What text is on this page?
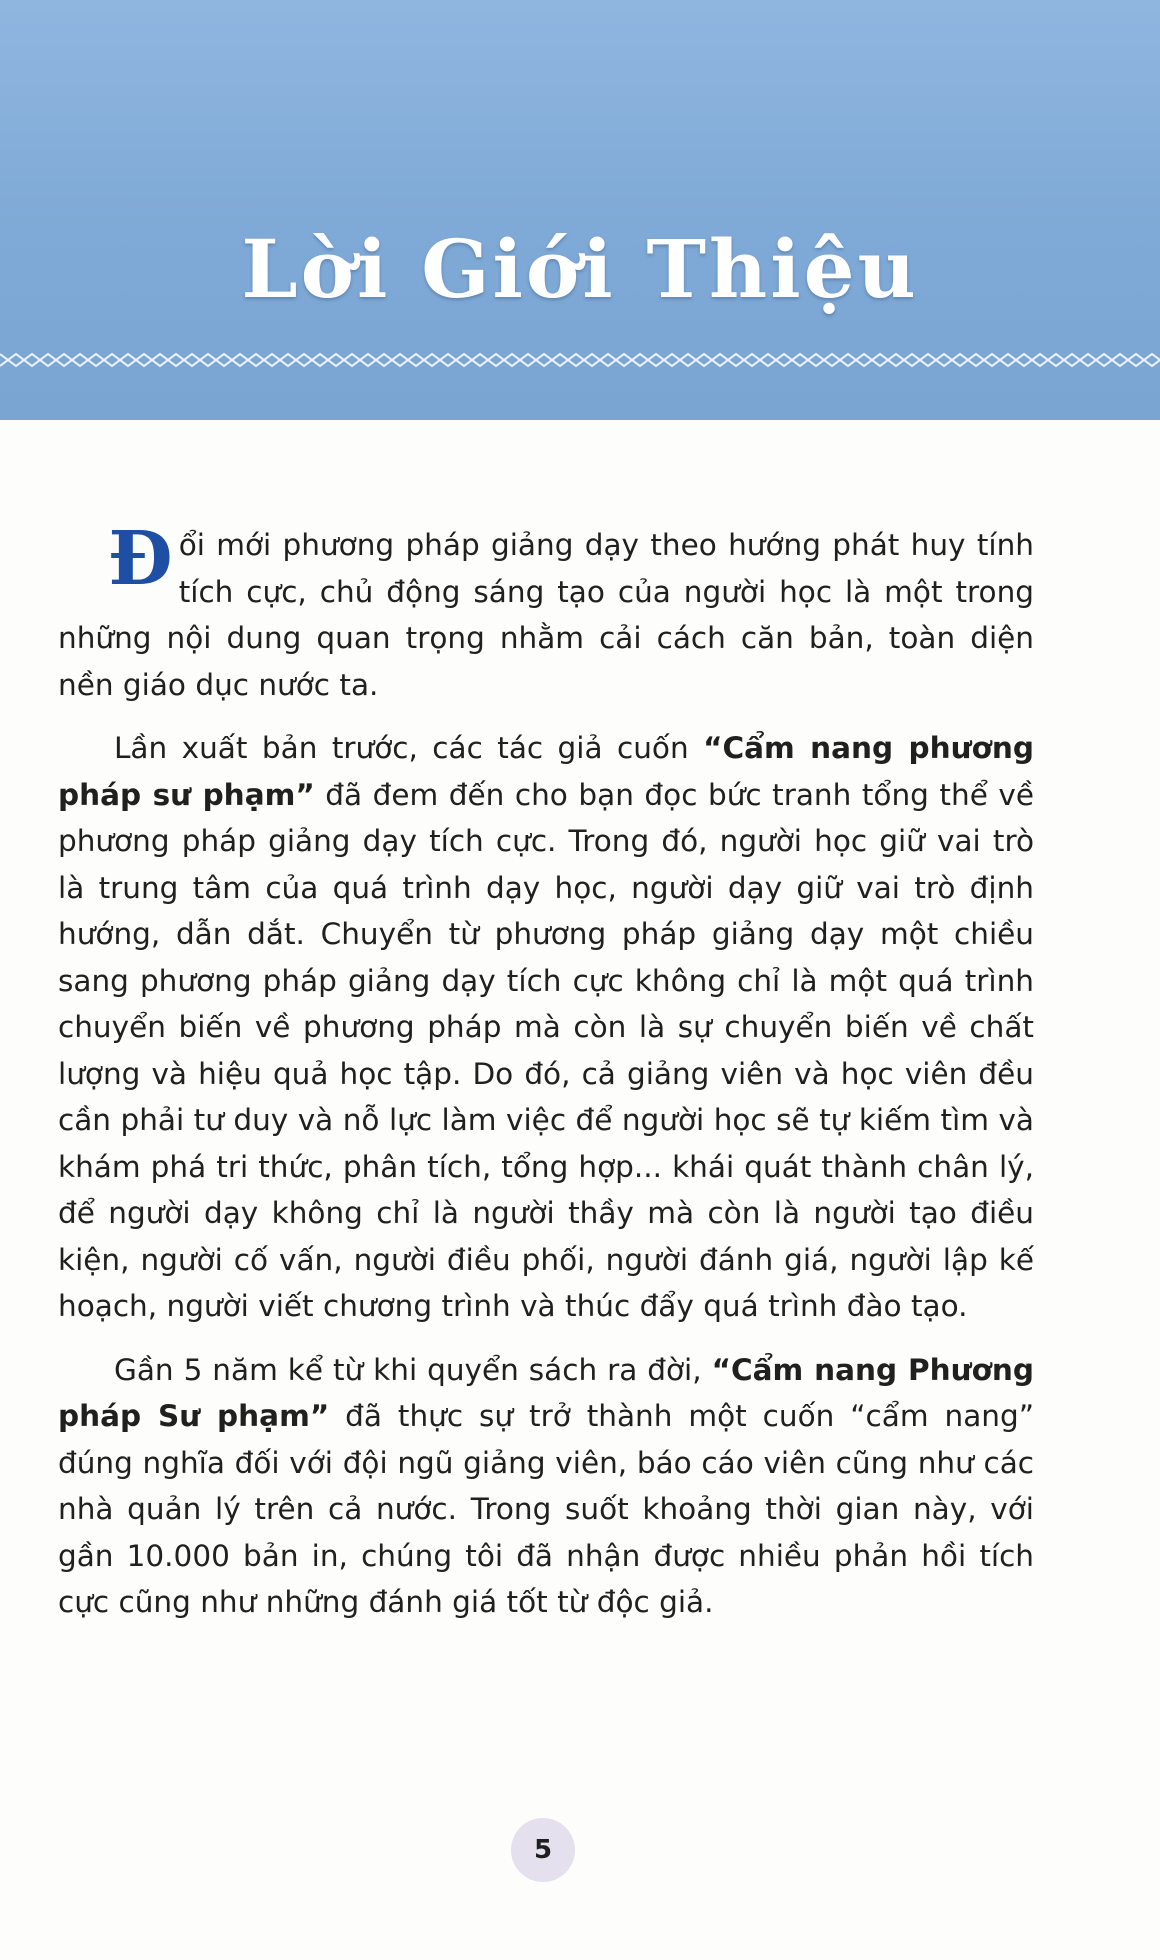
Lời Giới Thiệu

Đổi mới phương pháp giảng dạy theo hướng phát huy tính tích cực, chủ động sáng tạo của người học là một trong những nội dung quan trọng nhằm cải cách căn bản, toàn diện nền giáo dục nước ta.

Lần xuất bản trước, các tác giả cuốn “Cẩm nang phương pháp sư phạm” đã đem đến cho bạn đọc bức tranh tổng thể về phương pháp giảng dạy tích cực. Trong đó, người học giữ vai trò là trung tâm của quá trình dạy học, người dạy giữ vai trò định hướng, dẫn dắt. Chuyển từ phương pháp giảng dạy một chiều sang phương pháp giảng dạy tích cực không chỉ là một quá trình chuyển biến về phương pháp mà còn là sự chuyển biến về chất lượng và hiệu quả học tập. Do đó, cả giảng viên và học viên đều cần phải tư duy và nỗ lực làm việc để người học sẽ tự kiếm tìm và khám phá tri thức, phân tích, tổng hợp... khái quát thành chân lý, để người dạy không chỉ là người thầy mà còn là người tạo điều kiện, người cố vấn, người điều phối, người đánh giá, người lập kế hoạch, người viết chương trình và thúc đẩy quá trình đào tạo.

Gần 5 năm kể từ khi quyển sách ra đời, “Cẩm nang Phương pháp Sư phạm” đã thực sự trở thành một cuốn “cẩm nang” đúng nghĩa đối với đội ngũ giảng viên, báo cáo viên cũng như các nhà quản lý trên cả nước. Trong suốt khoảng thời gian này, với gần 10.000 bản in, chúng tôi đã nhận được nhiều phản hồi tích cực cũng như những đánh giá tốt từ độc giả.

5
